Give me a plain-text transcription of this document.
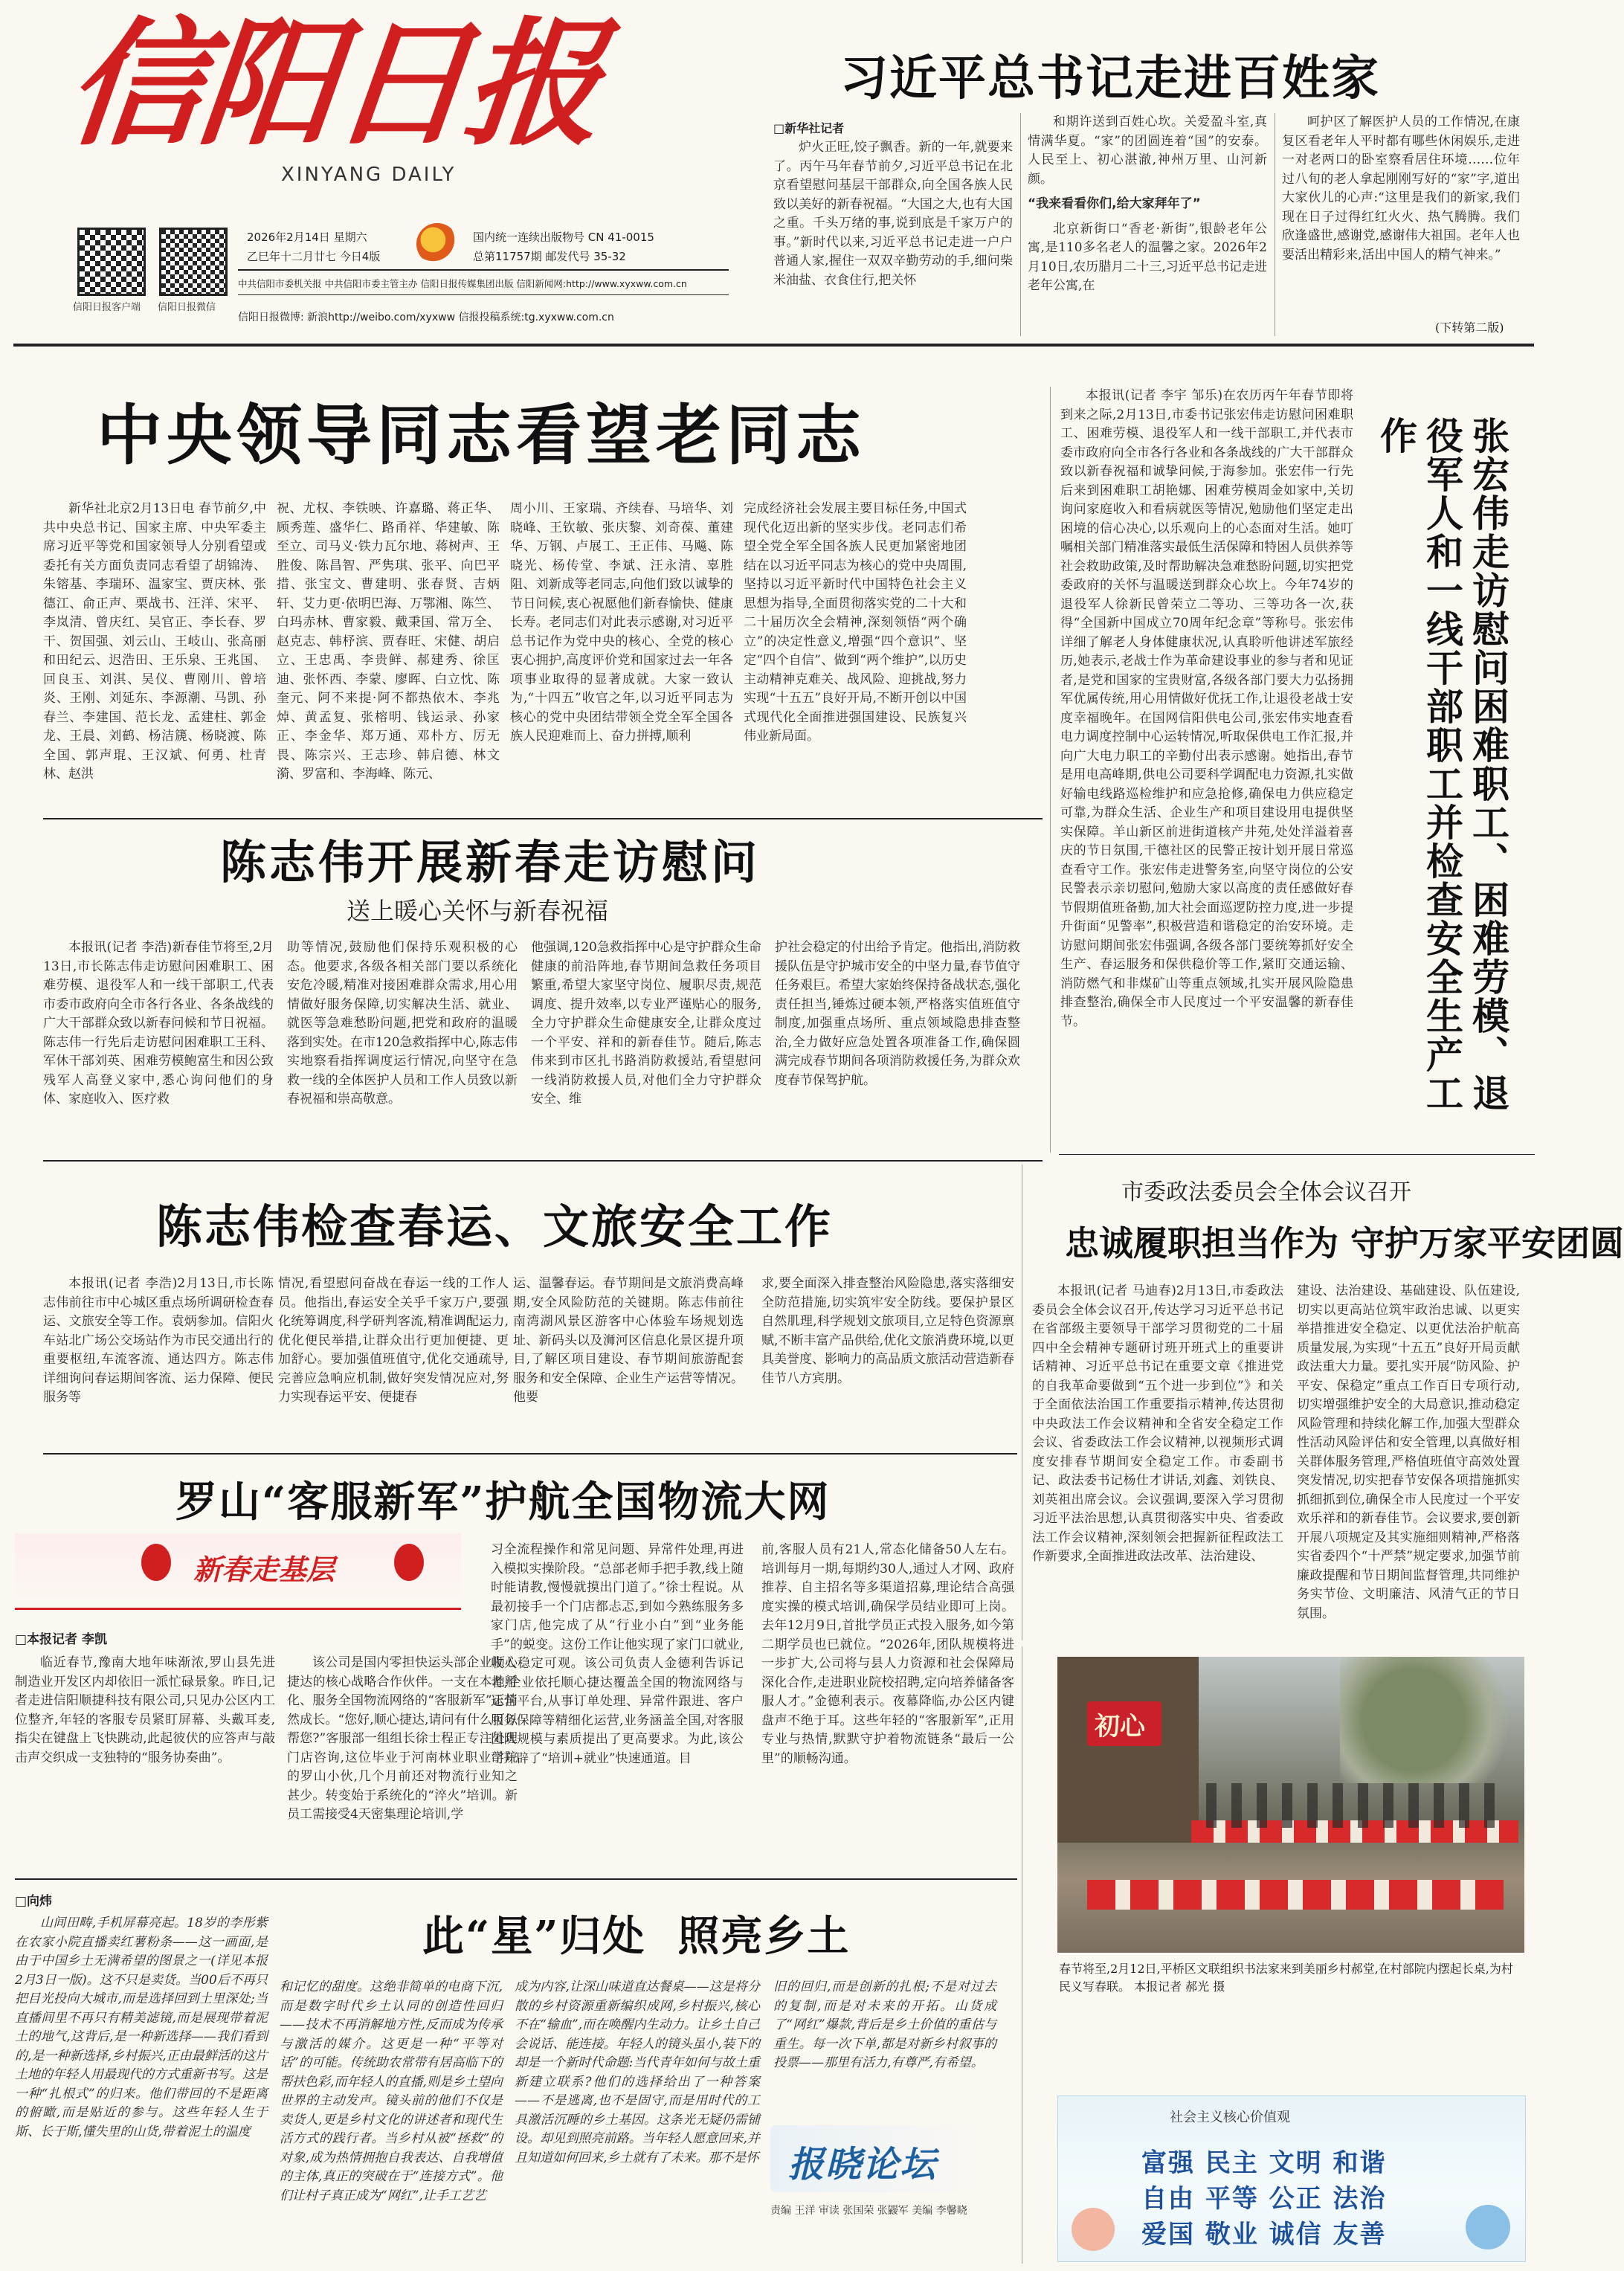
信阳日报
XINYANG DAILY
信阳日报客户端 信阳日报微信
2026年2月14日 星期六
乙巳年十二月廿七 今日4版
国内统一连续出版物号 CN 41-0015
总第11757期 邮发代号 35-32
中共信阳市委机关报 中共信阳市委主管主办 信阳日报传媒集团出版 信阳新闻网:http://www.xyxww.com.cn
信阳日报微博: 新浪http://weibo.com/xyxww 信报投稿系统:tg.xyxww.com.cn
习近平总书记走进百姓家
□新华社记者

炉火正旺,饺子飘香。新的一年,就要来了。丙午马年春节前夕,习近平总书记在北京看望慰问基层干部群众,向全国各族人民致以美好的新春祝福。“大国之大,也有大国之重。千头万绪的事,说到底是千家万户的事。”新时代以来,习近平总书记走进一户户普通人家,握住一双双辛勤劳动的手,细问柴米油盐、衣食住行,把关怀

和期许送到百姓心坎。关爱盈斗室,真情满华夏。“家”的团圆连着“国”的安泰。人民至上、初心湛澈,神州万里、山河新颜。

“我来看看你们,给大家拜年了”

北京新街口“香老·新街”,银龄老年公寓,是110多名老人的温馨之家。2026年2月10日,农历腊月二十三,习近平总书记走进老年公寓,在

呵护区了解医护人员的工作情况,在康复区看老年人平时都有哪些休闲娱乐,走进一对老两口的卧室察看居住环境……位年过八旬的老人拿起刚刚写好的“家”字,道出大家伙儿的心声:“这里是我们的新家,我们现在日子过得红红火火、热气腾腾。我们欣逢盛世,感谢党,感谢伟大祖国。老年人也要活出精彩来,活出中国人的精气神来。”

(下转第二版)
中央领导同志看望老同志

新华社北京2月13日电 春节前夕,中共中央总书记、国家主席、中央军委主席习近平等党和国家领导人分别看望或委托有关方面负责同志看望了胡锦涛、朱镕基、李瑞环、温家宝、贾庆林、张德江、俞正声、栗战书、汪洋、宋平、李岚清、曾庆红、吴官正、李长春、罗干、贺国强、刘云山、王岐山、张高丽和田纪云、迟浩田、王乐泉、王兆国、回良玉、刘淇、吴仪、曹刚川、曾培炎、王刚、刘延东、李源潮、马凯、孙春兰、李建国、范长龙、孟建柱、郭金龙、王晨、刘鹤、杨洁篪、杨晓渡、陈全国、郭声琨、王汉斌、何勇、杜青林、赵洪

祝、尤权、李铁映、许嘉璐、蒋正华、顾秀莲、盛华仁、路甬祥、华建敏、陈至立、司马义·铁力瓦尔地、蒋树声、王胜俊、陈昌智、严隽琪、张平、向巴平措、张宝文、曹建明、张春贤、吉炳轩、艾力更·依明巴海、万鄂湘、陈竺、白玛赤林、曹家毅、戴秉国、常万全、赵克志、韩杼滨、贾春旺、宋健、胡启立、王忠禹、李贵鲜、郝建秀、徐匡迪、张怀西、李蒙、廖晖、白立忱、陈奎元、阿不来提·阿不都热依木、李兆焯、黄孟复、张榕明、钱运录、孙家正、李金华、郑万通、邓朴方、厉无畏、陈宗兴、王志珍、韩启德、林文漪、罗富和、李海峰、陈元、

周小川、王家瑞、齐续春、马培华、刘晓峰、王钦敏、张庆黎、刘奇葆、董建华、万钢、卢展工、王正伟、马飚、陈晓光、杨传堂、李斌、汪永清、辜胜阻、刘新成等老同志,向他们致以诚挚的节日问候,衷心祝愿他们新春愉快、健康长寿。老同志们对此表示感谢,对习近平总书记作为党中央的核心、全党的核心衷心拥护,高度评价党和国家过去一年各项事业取得的显著成就。大家一致认为,“十四五”收官之年,以习近平同志为核心的党中央团结带领全党全军全国各族人民迎难而上、奋力拼搏,顺利

完成经济社会发展主要目标任务,中国式现代化迈出新的坚实步伐。老同志们希望全党全军全国各族人民更加紧密地团结在以习近平同志为核心的党中央周围,坚持以习近平新时代中国特色社会主义思想为指导,全面贯彻落实党的二十大和二十届历次全会精神,深刻领悟“两个确立”的决定性意义,增强“四个意识”、坚定“四个自信”、做到“两个维护”,以历史主动精神克难关、战风险、迎挑战,努力实现“十五五”良好开局,不断开创以中国式现代化全面推进强国建设、民族复兴伟业新局面。	张宏伟走访慰问困难职工、困难劳模、退役军人和一线干部职工并检查安全生产工作

本报讯(记者 李宇 邹乐)在农历丙午年春节即将到来之际,2月13日,市委书记张宏伟走访慰问困难职工、困难劳模、退役军人和一线干部职工,并代表市委市政府向全市各行各业和各条战线的广大干部群众致以新春祝福和诚挚问候,于海参加。张宏伟一行先后来到困难职工胡艳娜、困难劳模周金如家中,关切询问家庭收入和看病就医等情况,勉励他们坚定走出困境的信心决心,以乐观向上的心态面对生活。她叮嘱相关部门精准落实最低生活保障和特困人员供养等社会救助政策,及时帮助解决急难愁盼问题,切实把党委政府的关怀与温暖送到群众心坎上。今年74岁的退役军人徐新民曾荣立二等功、三等功各一次,获得“全国新中国成立70周年纪念章”等称号。张宏伟详细了解老人身体健康状况,认真聆听他讲述军旅经历,她表示,老战士作为革命建设事业的参与者和见证者,是党和国家的宝贵财富,各级各部门要大力弘扬拥军优属传统,用心用情做好优抚工作,让退役老战士安度幸福晚年。在国网信阳供电公司,张宏伟实地查看电力调度控制中心运转情况,听取保供电工作汇报,并向广大电力职工的辛勤付出表示感谢。她指出,春节是用电高峰期,供电公司要科学调配电力资源,扎实做好输电线路巡检维护和应急抢修,确保电力供应稳定可靠,为群众生活、企业生产和项目建设用电提供坚实保障。羊山新区前进街道核产井苑,处处洋溢着喜庆的节日氛围,干德社区的民警正按计划开展日常巡查看守工作。张宏伟走进警务室,向坚守岗位的公安民警表示亲切慰问,勉励大家以高度的责任感做好春节假期值班备勤,加大社会面巡逻防控力度,进一步提升街面“见警率”,积极营造和谐稳定的治安环境。走访慰问期间张宏伟强调,各级各部门要统筹抓好安全生产、春运服务和保供稳价等工作,紧盯交通运输、消防燃气和非煤矿山等重点领域,扎实开展风险隐患排查整治,确保全市人民度过一个平安温馨的新春佳节。

陈志伟开展新春走访慰问
送上暖心关怀与新春祝福

本报讯(记者 李浩)新春佳节将至,2月13日,市长陈志伟走访慰问困难职工、困难劳模、退役军人和一线干部职工,代表市委市政府向全市各行各业、各条战线的广大干部群众致以新春问候和节日祝福。陈志伟一行先后走访慰问困难职工王科、军休干部刘英、困难劳模鲍富生和因公致残军人高登义家中,悉心询问他们的身体、家庭收入、医疗救

助等情况,鼓励他们保持乐观积极的心态。他要求,各级各相关部门要以系统化安危冷暖,精准对接困难群众需求,用心用情做好服务保障,切实解决生活、就业、就医等急难愁盼问题,把党和政府的温暖落到实处。在市120急救指挥中心,陈志伟实地察看指挥调度运行情况,向坚守在急救一线的全体医护人员和工作人员致以新春祝福和崇高敬意。

他强调,120急救指挥中心是守护群众生命健康的前沿阵地,春节期间急救任务项目繁重,希望大家坚守岗位、履职尽责,规范调度、提升效率,以专业严谨贴心的服务,全力守护群众生命健康安全,让群众度过一个平安、祥和的新春佳节。随后,陈志伟来到市区扎书路消防救援站,看望慰问一线消防救援人员,对他们全力守护群众安全、维

护社会稳定的付出给予肯定。他指出,消防救援队伍是守护城市安全的中坚力量,春节值守任务艰巨。希望大家始终保持备战状态,强化责任担当,锤炼过硬本领,严格落实值班值守制度,加强重点场所、重点领域隐患排查整治,全力做好应急处置各项准备工作,确保圆满完成春节期间各项消防救援任务,为群众欢度春节保驾护航。

陈志伟检查春运、文旅安全工作

本报讯(记者 李浩)2月13日,市长陈志伟前往市中心城区重点场所调研检查春运、文旅安全等工作。袁炳参加。信阳火车站北广场公交场站作为市民交通出行的重要枢纽,车流客流、通达四方。陈志伟详细询问春运期间客流、运力保障、便民服务等

情况,看望慰问奋战在春运一线的工作人员。他指出,春运安全关乎千家万户,要强化统筹调度,科学研判客流,精准调配运力,优化便民举措,让群众出行更加便捷、更加舒心。要加强值班值守,优化交通疏导,完善应急响应机制,做好突发情况应对,努力实现春运平安、便捷春

运、温馨春运。春节期间是文旅消费高峰期,安全风险防范的关键期。陈志伟前往南湾湖风景区游客中心体验车场规划选址、新码头以及浉河区信息化景区提升项目,了解区项目建设、春节期间旅游配套服务和安全保障、企业生产运营等情况。他要

求,要全面深入排查整治风险隐患,落实落细安全防范措施,切实筑牢安全防线。要保护景区自然肌理,科学规划文旅项目,立足特色资源禀赋,不断丰富产品供给,优化文旅消费环境,以更具美誉度、影响力的高品质文旅活动营造新春佳节八方宾朋。

市委政法委员会全体会议召开
忠诚履职担当作为 守护万家平安团圆

本报讯(记者 马迪春)2月13日,市委政法委员会全体会议召开,传达学习习近平总书记在省部级主要领导干部学习贯彻党的二十届四中全会精神专题研讨班开班式上的重要讲话精神、习近平总书记在重要文章《推进党的自我革命要做到“五个进一步到位”》和关于全面依法治国工作重要指示精神,传达贯彻中央政法工作会议精神和全省安全稳定工作会议、省委政法工作会议精神,以视频形式调度安排春节期间安全稳定工作。市委副书记、政法委书记杨仕才讲话,刘鑫、刘铁良、刘英祖出席会议。会议强调,要深入学习贯彻习近平法治思想,认真贯彻落实中央、省委政法工作会议精神,深刻领会把握新征程政法工作新要求,全面推进政法改革、法治建设、

建设、法治建设、基础建设、队伍建设,切实以更高站位筑牢政治忠诚、以更实举措推进安全稳定、以更优法治护航高质量发展,为实现“十五五”良好开局贡献政法重大力量。要扎实开展“防风险、护平安、保稳定”重点工作百日专项行动,切实增强维护安全的大局意识,推动稳定风险管理和持续化解工作,加强大型群众性活动风险评估和安全管理,以真做好相关群体服务管理,严格值班值守高效处置突发情况,切实把春节安保各项措施抓实抓细抓到位,确保全市人民度过一个平安欢乐祥和的新春佳节。会议要求,要创新开展八项规定及其实施细则精神,严格落实省委四个“十严禁”规定要求,加强节前廉政提醒和节日期间监督管理,共同维护务实节俭、文明廉洁、风清气正的节日氛围。

罗山“客服新军”护航全国物流大网
新春走基层
□本报记者 李凯

临近春节,豫南大地年味渐浓,罗山县先进制造业开发区内却依旧一派忙碌景象。昨日,记者走进信阳顺捷科技有限公司,只见办公区内工位整齐,年轻的客服专员紧盯屏幕、头戴耳麦,指尖在键盘上飞快跳动,此起彼伏的应答声与敲击声交织成一支独特的“服务协奏曲”。

该公司是国内零担快运头部企业顺心捷达的核心战略合作伙伴。一支在本地孵化、服务全国物流网络的“客服新军”正悄然成长。“您好,顺心捷达,请问有什么可以帮您?”客服部一组组长徐士程正专注处理门店咨询,这位毕业于河南林业职业学院的罗山小伙,几个月前还对物流行业知之甚少。转变始于系统化的“淬火”培训。新员工需接受4天密集理论培训,学

习全流程操作和常见问题、异常件处理,再进入模拟实操阶段。“总部老师手把手教,线上随时能请教,慢慢就摸出门道了。”徐士程说。从最初接手一个门店都忐忑,到如今熟练服务多家门店,他完成了从“行业小白”到“业务能手”的蜕变。这份工作让他实现了家门口就业,收入稳定可观。该公司负责人金德利告诉记者,企业依托顺心捷达覆盖全国的物流网络与运营平台,从事订单处理、异常件跟进、客户服务保障等精细化运营,业务涵盖全国,对客服团队规模与素质提出了更高要求。为此,该公司开辟了“培训+就业”快速通道。目

前,客服人员有21人,常态化储备50人左右。培训每月一期,每期约30人,通过人才网、政府推荐、自主招名等多渠道招募,理论结合高强度实操的模式培训,确保学员结业即可上岗。去年12月9日,首批学员正式投入服务,如今第二期学员也已就位。“2026年,团队规模将进一步扩大,公司将与县人力资源和社会保障局深化合作,走进职业院校招聘,定向培养储备客服人才。”金德利表示。夜幕降临,办公区内键盘声不绝于耳。这些年轻的“客服新军”,正用专业与热情,默默守护着物流链条“最后一公里”的顺畅沟通。

□向炜
此“星”归处  照亮乡土

山间田畴,手机屏幕亮起。18岁的李彤紫在农家小院直播卖红薯粉条——这一画面,是由于中国乡土无满希望的图景之一(详见本报2月3日一版)。这不只是卖货。当00后不再只把目光投向大城市,而是选择回到土里深处;当直播间里不再只有精美滤镜,而是展现带着泥土的地气,这背后,是一种新选择——我们看到的,是一种新选择,乡村振兴,正由最鲜活的这片土地的年轻人用最现代的方式重新书写。这是一种“扎根式”的归来。他们带回的不是距离的俯瞰,而是贴近的参与。这些年轻人生于斯、长于斯,懂失里的山货,带着泥土的温度

和记忆的甜度。这绝非简单的电商下沉,而是数字时代乡土认同的创造性回归——技术不再消解地方性,反而成为传承与激活的媒介。这更是一种“平等对话”的可能。传统助农常带有居高临下的帮扶色彩,而年轻人的直播,则是乡土望向世界的主动发声。镜头前的他们不仅是卖货人,更是乡村文化的讲述者和现代生活方式的践行者。当乡村从被“拯救”的对象,成为热情拥抱自我表达、自我增值的主体,真正的突破在于“连接方式”。他们让村子真正成为“网红”,让手工艺艺

成为内容,让深山味道直达餐桌——这是将分散的乡村资源重新编织成网,乡村振兴,核心不在“输血”,而在唤醒内生动力。让乡土自己会说话、能连接。年轻人的镜头虽小,装下的却是一个新时代命题:当代青年如何与故土重新建立联系?他们的选择给出了一种答案——不是逃离,也不是固守,而是用时代的工具激活沉睡的乡土基因。这条光无疑仍需铺设。却见到照亮前路。当年轻人愿意回来,并且知道如何回来,乡土就有了未来。那不是怀

旧的回归,而是创新的扎根;不是对过去的复制,而是对未来的开拓。山货成了“网红”爆款,背后是乡土价值的重估与重生。每一次下单,都是对新乡村叙事的投票——那里有活力,有尊严,有希望。

报晓论坛
责编 王洋 审读 张国荣 张鼹军 美编 李馨晓
初心
春节将至,2月12日,平桥区文联组织书法家来到美丽乡村郝堂,在村部院内摆起长桌,为村民义写春联。 本报记者 郝光 摄
社会主义核心价值观
富强 民主 文明 和谐
自由 平等 公正 法治
爱国 敬业 诚信 友善
